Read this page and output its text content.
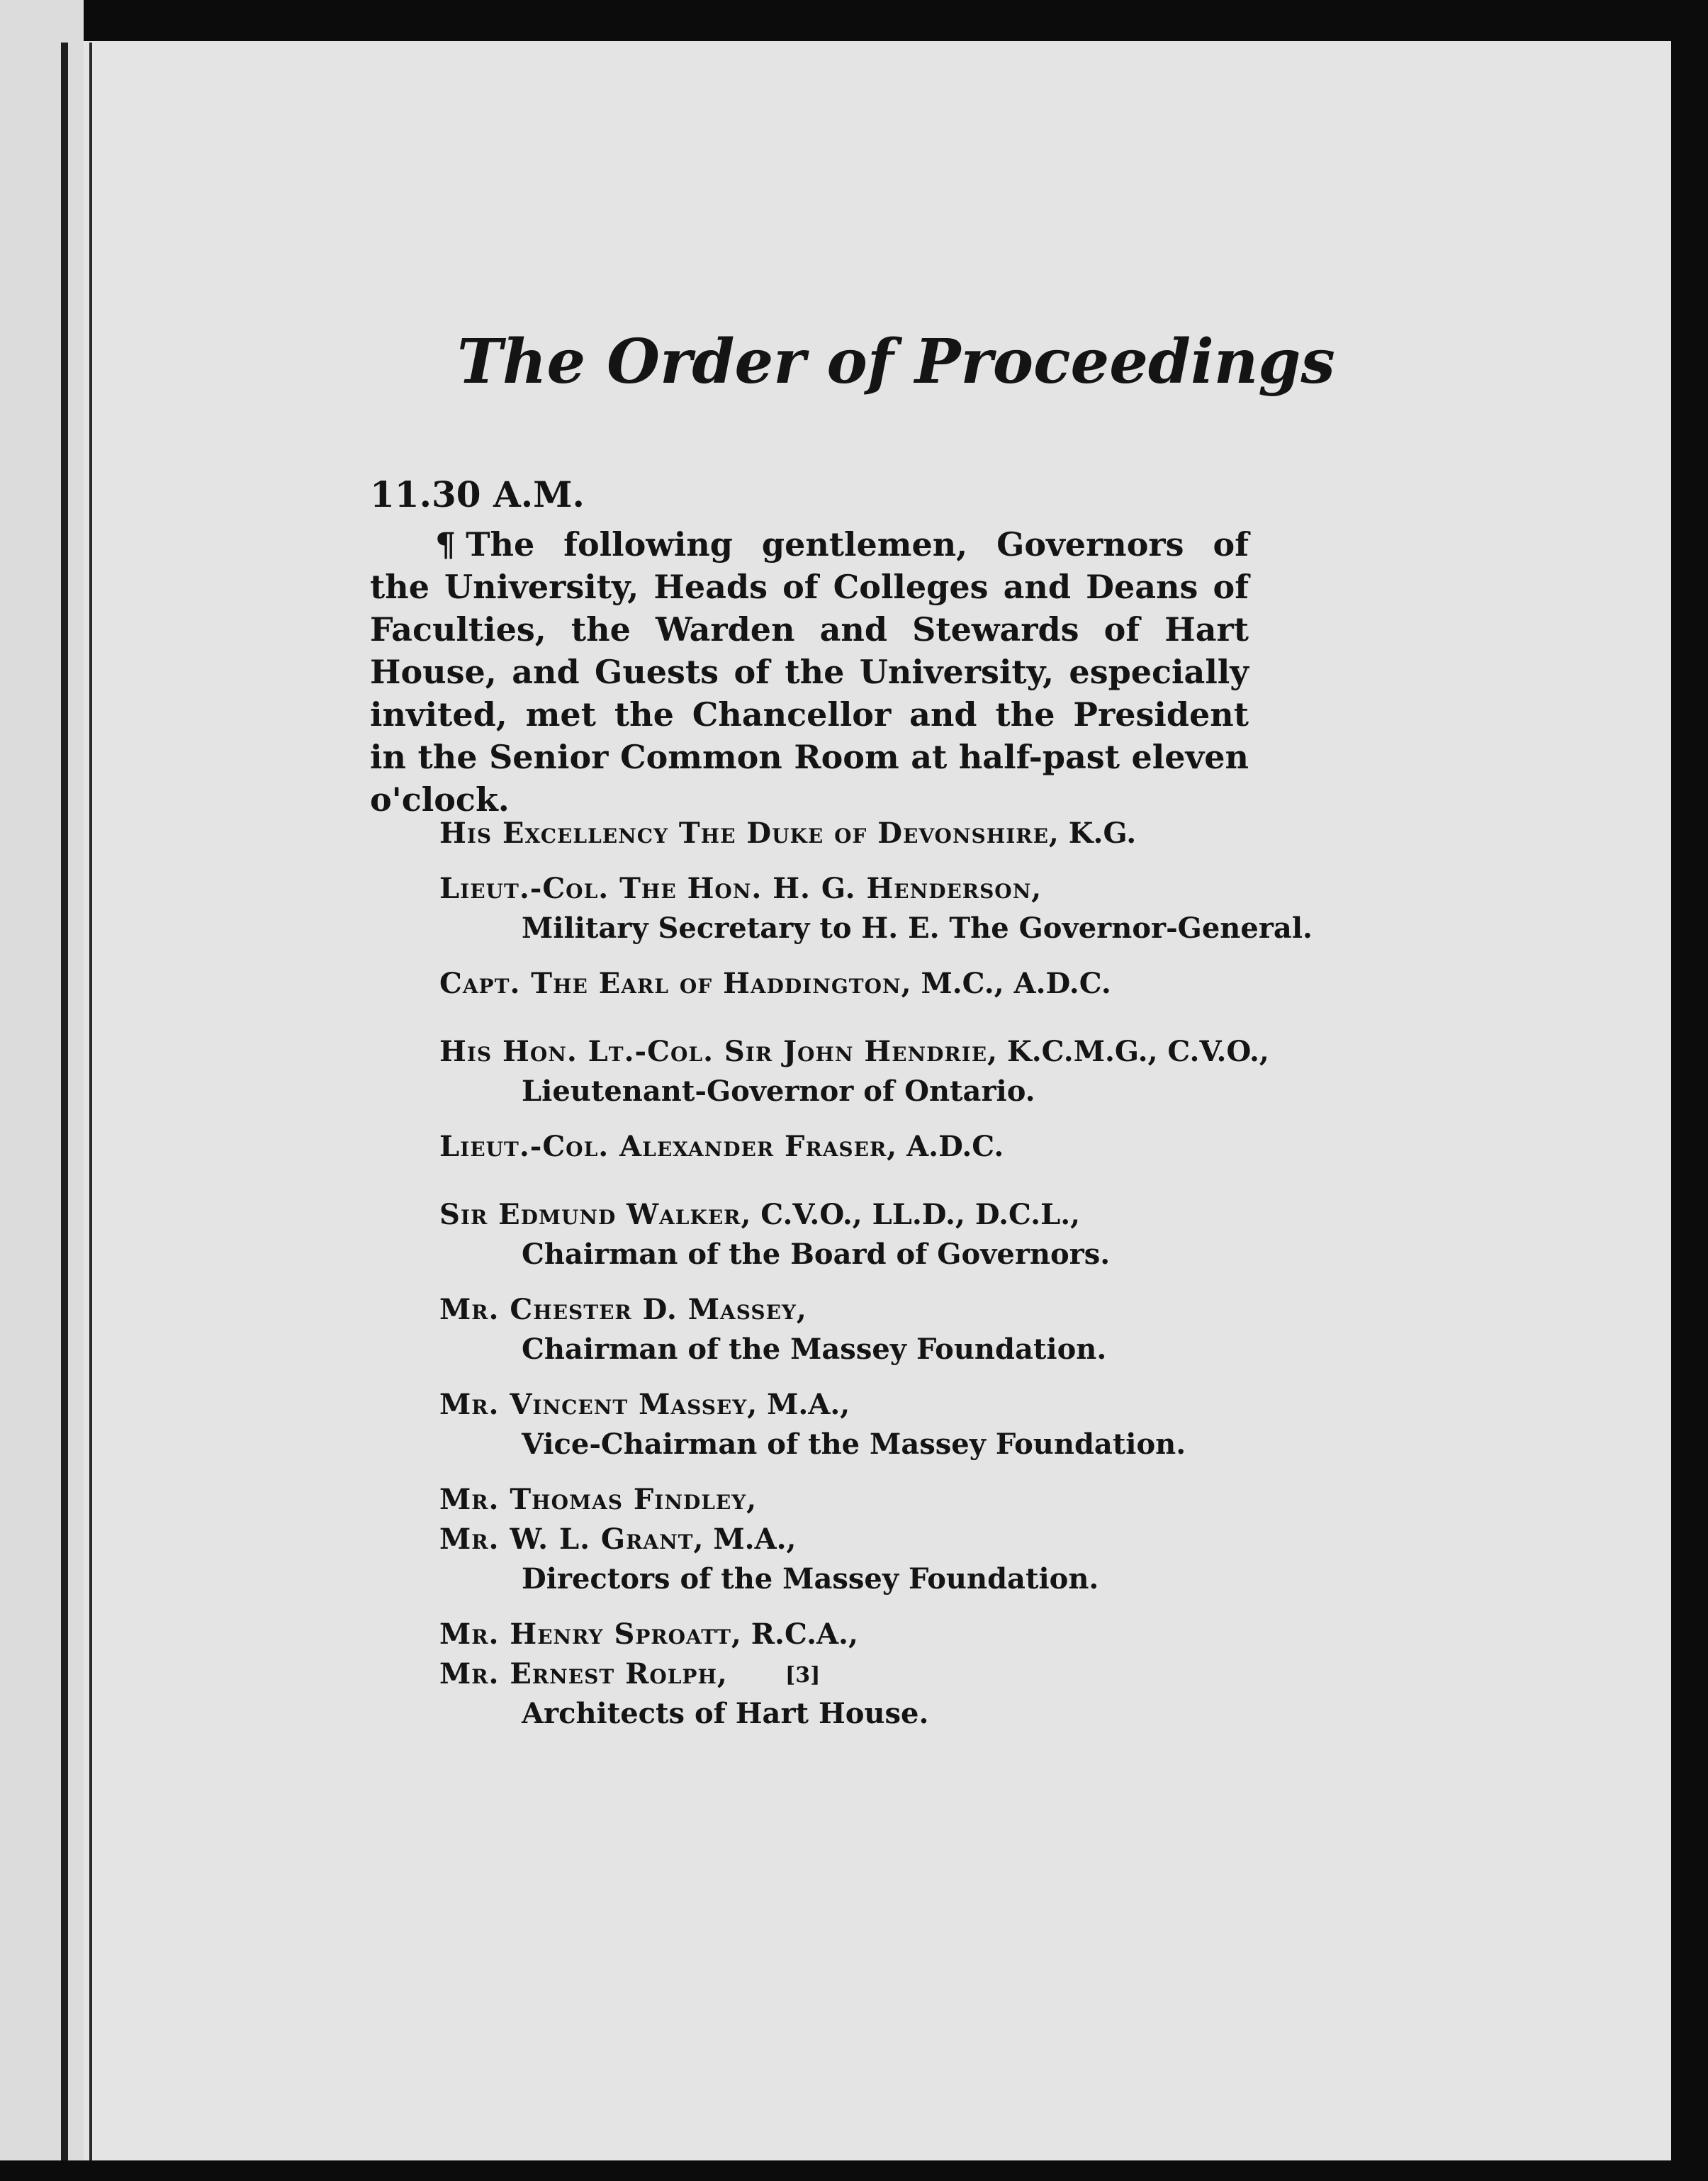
The Order of Proceedings
11.30 A.M.
¶ The following gentlemen, Governors of the University, Heads of Colleges and Deans of Faculties, the Warden and Stewards of Hart House, and Guests of the University, especially invited, met the Chancellor and the President in the Senior Common Room at half-past eleven o'clock.
His Excellency The Duke of Devonshire, K.G.
Lieut.-Col. The Hon. H. G. Henderson,
Military Secretary to H. E. The Governor-General.
Capt. The Earl of Haddington, M.C., A.D.C.
His Hon. Lt.-Col. Sir John Hendrie, K.C.M.G., C.V.O.,
Lieutenant-Governor of Ontario.
Lieut.-Col. Alexander Fraser, A.D.C.
Sir Edmund Walker, C.V.O., LL.D., D.C.L.,
Chairman of the Board of Governors.
Mr. Chester D. Massey,
Chairman of the Massey Foundation.
Mr. Vincent Massey, M.A.,
Vice-Chairman of the Massey Foundation.
Mr. Thomas Findley,
Mr. W. L. Grant, M.A.,
Directors of the Massey Foundation.
Mr. Henry Sproatt, R.C.A.,
Mr. Ernest Rolph,
Architects of Hart House.
[3]
